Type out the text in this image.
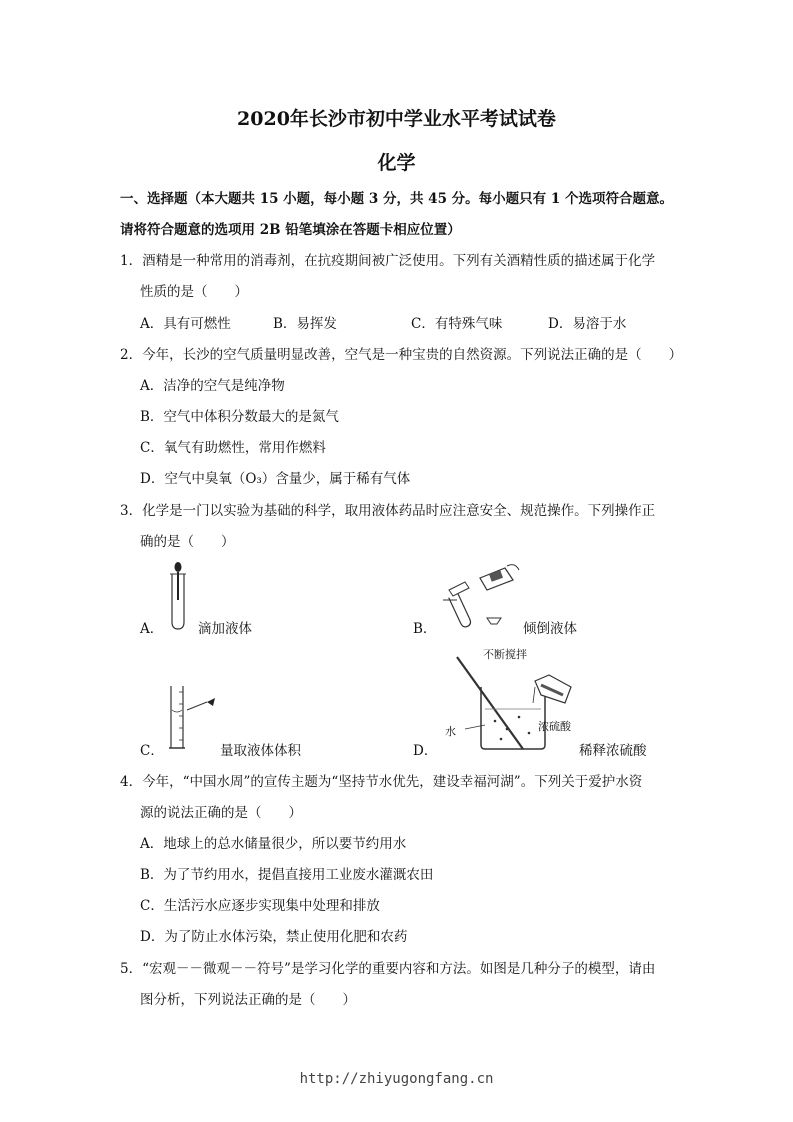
2020年长沙市初中学业水平考试试卷
化学
一、选择题（本大题共 15 小题，每小题 3 分，共 45 分。每小题只有 1 个选项符合题意。
请将符合题意的选项用 2B 铅笔填涂在答题卡相应位置）
1．酒精是一种常用的消毒剂，在抗疫期间被广泛使用。下列有关酒精性质的描述属于化学
性质的是（　　）
A．具有可燃性	B．易挥发	C．有特殊气味	D．易溶于水
2．今年，长沙的空气质量明显改善，空气是一种宝贵的自然资源。下列说法正确的是（　　）
A．洁净的空气是纯净物
B．空气中体积分数最大的是氮气
C．氧气有助燃性，常用作燃料
D．空气中臭氧（O₃）含量少，属于稀有气体
3．化学是一门以实验为基础的科学，取用液体药品时应注意安全、规范操作。下列操作正
确的是（　　）
A．	滴加液体	B．	倾倒液体
C．	量取液体体积
不断搅拌
水	浓硫酸
D．	稀释浓硫酸
4．今年，“中国水周”的宣传主题为“坚持节水优先，建设幸福河湖”。下列关于爱护水资
源的说法正确的是（　　）
A．地球上的总水储量很少，所以要节约用水
B．为了节约用水，提倡直接用工业废水灌溉农田
C．生活污水应逐步实现集中处理和排放
D．为了防止水体污染，禁止使用化肥和农药
5．“宏观－－微观－－符号”是学习化学的重要内容和方法。如图是几种分子的模型，请由
图分析，下列说法正确的是（　　）
http://zhiyugongfang.cn
